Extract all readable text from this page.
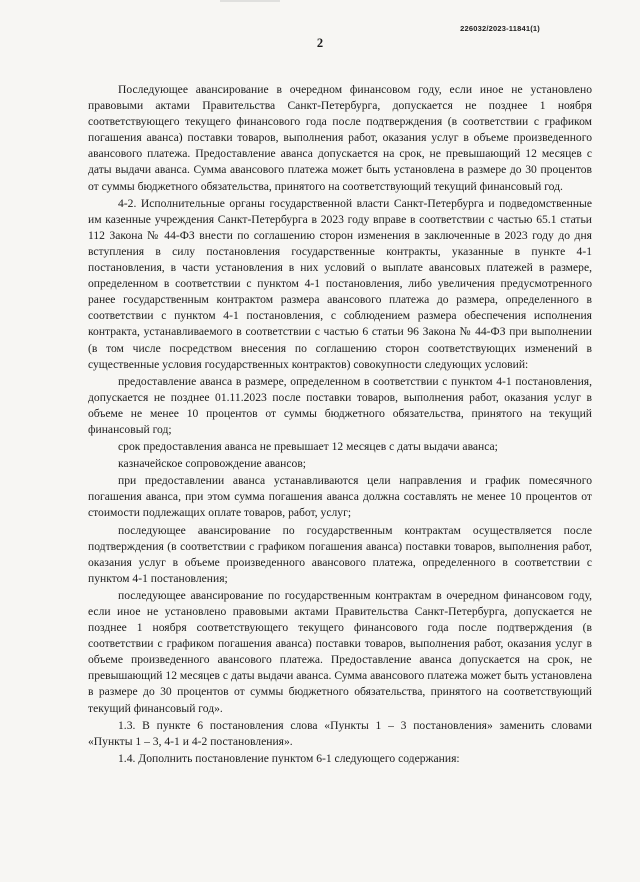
226032/2023-11841(1)
2

Последующее авансирование в очередном финансовом году, если иное не установлено правовыми актами Правительства Санкт-Петербурга, допускается не позднее 1 ноября соответствующего текущего финансового года после подтверждения (в соответствии с графиком погашения аванса) поставки товаров, выполнения работ, оказания услуг в объеме произведенного авансового платежа. Предоставление аванса допускается на срок, не превышающий 12 месяцев с даты выдачи аванса. Сумма авансового платежа может быть установлена в размере до 30 процентов от суммы бюджетного обязательства, принятого на соответствующий текущий финансовый год.

4-2. Исполнительные органы государственной власти Санкт-Петербурга и подведомственные им казенные учреждения Санкт-Петербурга в 2023 году вправе в соответствии с частью 65.1 статьи 112 Закона № 44-ФЗ внести по соглашению сторон изменения в заключенные в 2023 году до дня вступления в силу постановления государственные контракты, указанные в пункте 4-1 постановления, в части установления в них условий о выплате авансовых платежей в размере, определенном в соответствии с пунктом 4-1 постановления, либо увеличения предусмотренного ранее государственным контрактом размера авансового платежа до размера, определенного в соответствии с пунктом 4-1 постановления, с соблюдением размера обеспечения исполнения контракта, устанавливаемого в соответствии с частью 6 статьи 96 Закона № 44-ФЗ при выполнении (в том числе посредством внесения по соглашению сторон соответствующих изменений в существенные условия государственных контрактов) совокупности следующих условий:

предоставление аванса в размере, определенном в соответствии с пунктом 4-1 постановления, допускается не позднее 01.11.2023 после поставки товаров, выполнения работ, оказания услуг в объеме не менее 10 процентов от суммы бюджетного обязательства, принятого на текущий финансовый год;

срок предоставления аванса не превышает 12 месяцев с даты выдачи аванса;

казначейское сопровождение авансов;

при предоставлении аванса устанавливаются цели направления и график помесячного погашения аванса, при этом сумма погашения аванса должна составлять не менее 10 процентов от стоимости подлежащих оплате товаров, работ, услуг;

последующее авансирование по государственным контрактам осуществляется после подтверждения (в соответствии с графиком погашения аванса) поставки товаров, выполнения работ, оказания услуг в объеме произведенного авансового платежа, определенного в соответствии с пунктом 4-1 постановления;

последующее авансирование по государственным контрактам в очередном финансовом году, если иное не установлено правовыми актами Правительства Санкт-Петербурга, допускается не позднее 1 ноября соответствующего текущего финансового года после подтверждения (в соответствии с графиком погашения аванса) поставки товаров, выполнения работ, оказания услуг в объеме произведенного авансового платежа. Предоставление аванса допускается на срок, не превышающий 12 месяцев с даты выдачи аванса. Сумма авансового платежа может быть установлена в размере до 30 процентов от суммы бюджетного обязательства, принятого на соответствующий текущий финансовый год».

1.3. В пункте 6 постановления слова «Пункты 1 – 3 постановления» заменить словами «Пункты 1 – 3, 4-1 и 4-2 постановления».

1.4. Дополнить постановление пунктом 6-1 следующего содержания:
